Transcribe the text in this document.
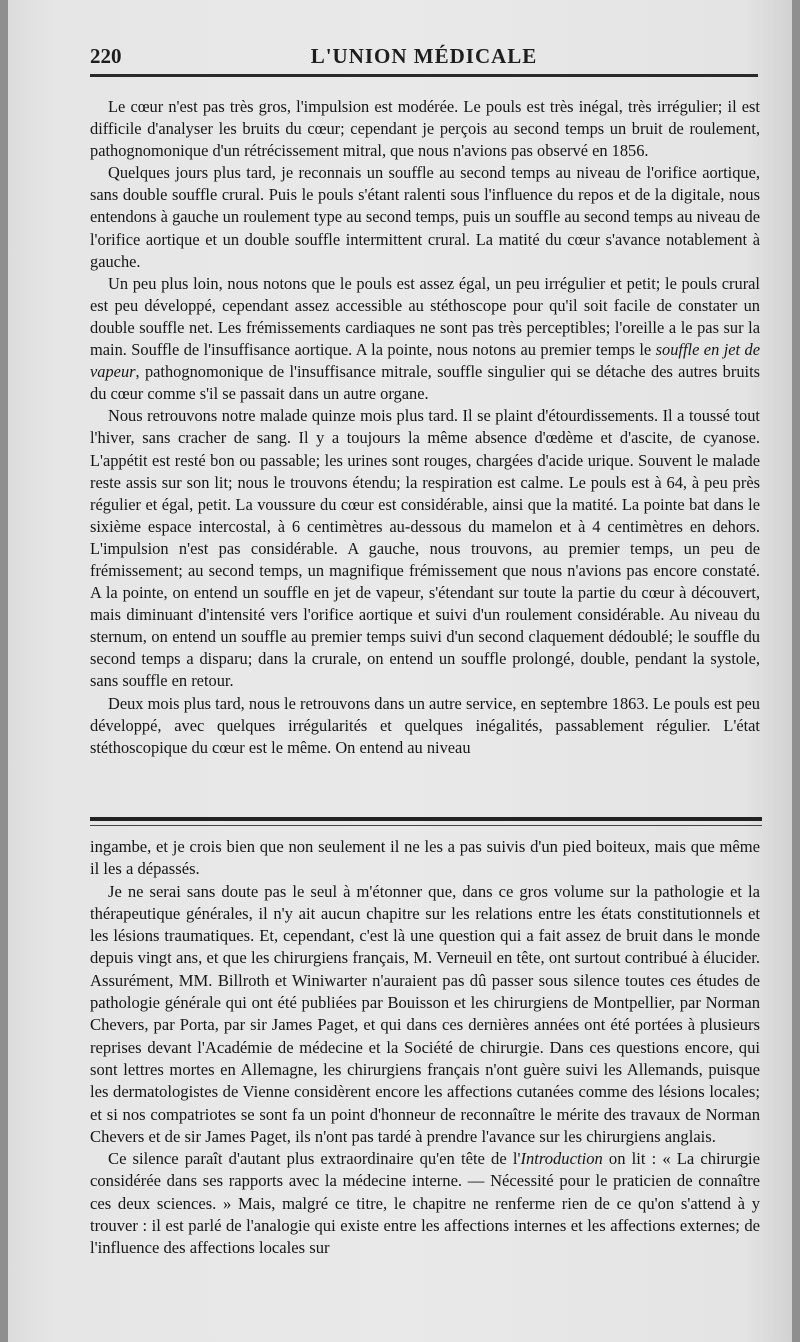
220	L'UNION MÉDICALE

Le cœur n'est pas très gros, l'impulsion est modérée. Le pouls est très inégal, très irrégulier; il est difficile d'analyser les bruits du cœur; cependant je perçois au second temps un bruit de roulement, pathognomonique d'un rétrécissement mitral, que nous n'avions pas observé en 1856.

Quelques jours plus tard, je reconnais un souffle au second temps au niveau de l'orifice aortique, sans double souffle crural. Puis le pouls s'étant ralenti sous l'influence du repos et de la digitale, nous entendons à gauche un roulement type au second temps, puis un souffle au second temps au niveau de l'orifice aortique et un double souffle intermittent crural. La matité du cœur s'avance notablement à gauche.

Un peu plus loin, nous notons que le pouls est assez égal, un peu irrégulier et petit; le pouls crural est peu développé, cependant assez accessible au stéthoscope pour qu'il soit facile de constater un double souffle net. Les frémissements cardiaques ne sont pas très perceptibles; l'oreille a le pas sur la main. Souffle de l'insuffisance aortique. A la pointe, nous notons au premier temps le souffle en jet de vapeur, pathognomonique de l'insuffisance mitrale, souffle singulier qui se détache des autres bruits du cœur comme s'il se passait dans un autre organe.

Nous retrouvons notre malade quinze mois plus tard. Il se plaint d'étourdissements. Il a toussé tout l'hiver, sans cracher de sang. Il y a toujours la même absence d'œdème et d'ascite, de cyanose. L'appétit est resté bon ou passable; les urines sont rouges, chargées d'acide urique. Souvent le malade reste assis sur son lit; nous le trouvons étendu; la respiration est calme. Le pouls est à 64, à peu près régulier et égal, petit. La voussure du cœur est considérable, ainsi que la matité. La pointe bat dans le sixième espace intercostal, à 6 centimètres au-dessous du mamelon et à 4 centimètres en dehors. L'impulsion n'est pas considérable. A gauche, nous trouvons, au premier temps, un peu de frémissement; au second temps, un magnifique frémissement que nous n'avions pas encore constaté. A la pointe, on entend un souffle en jet de vapeur, s'étendant sur toute la partie du cœur à découvert, mais diminuant d'intensité vers l'orifice aortique et suivi d'un roulement considérable. Au niveau du sternum, on entend un souffle au premier temps suivi d'un second claquement dédoublé; le souffle du second temps a disparu; dans la crurale, on entend un souffle prolongé, double, pendant la systole, sans souffle en retour.

Deux mois plus tard, nous le retrouvons dans un autre service, en septembre 1863. Le pouls est peu développé, avec quelques irrégularités et quelques inégalités, passablement régulier. L'état stéthoscopique du cœur est le même. On entend au niveau

ingambe, et je crois bien que non seulement il ne les a pas suivis d'un pied boiteux, mais que même il les a dépassés.

Je ne serai sans doute pas le seul à m'étonner que, dans ce gros volume sur la pathologie et la thérapeutique générales, il n'y ait aucun chapitre sur les relations entre les états constitutionnels et les lésions traumatiques. Et, cependant, c'est là une question qui a fait assez de bruit dans le monde depuis vingt ans, et que les chirurgiens français, M. Verneuil en tête, ont surtout contribué à élucider. Assurément, MM. Billroth et Winiwarter n'auraient pas dû passer sous silence toutes ces études de pathologie générale qui ont été publiées par Bouisson et les chirurgiens de Montpellier, par Norman Chevers, par Porta, par sir James Paget, et qui dans ces dernières années ont été portées à plusieurs reprises devant l'Académie de médecine et la Société de chirurgie. Dans ces questions encore, qui sont lettres mortes en Allemagne, les chirurgiens français n'ont guère suivi les Allemands, puisque les dermatologistes de Vienne considèrent encore les affections cutanées comme des lésions locales; et si nos compatriotes se sont fa un point d'honneur de reconnaître le mérite des travaux de Norman Chevers et de sir James Paget, ils n'ont pas tardé à prendre l'avance sur les chirurgiens anglais.

Ce silence paraît d'autant plus extraordinaire qu'en tête de l'Introduction on lit : « La chirurgie considérée dans ses rapports avec la médecine interne. — Nécessité pour le praticien de connaître ces deux sciences. » Mais, malgré ce titre, le chapitre ne renferme rien de ce qu'on s'attend à y trouver : il est parlé de l'analogie qui existe entre les affections internes et les affections externes; de l'influence des affections locales sur
